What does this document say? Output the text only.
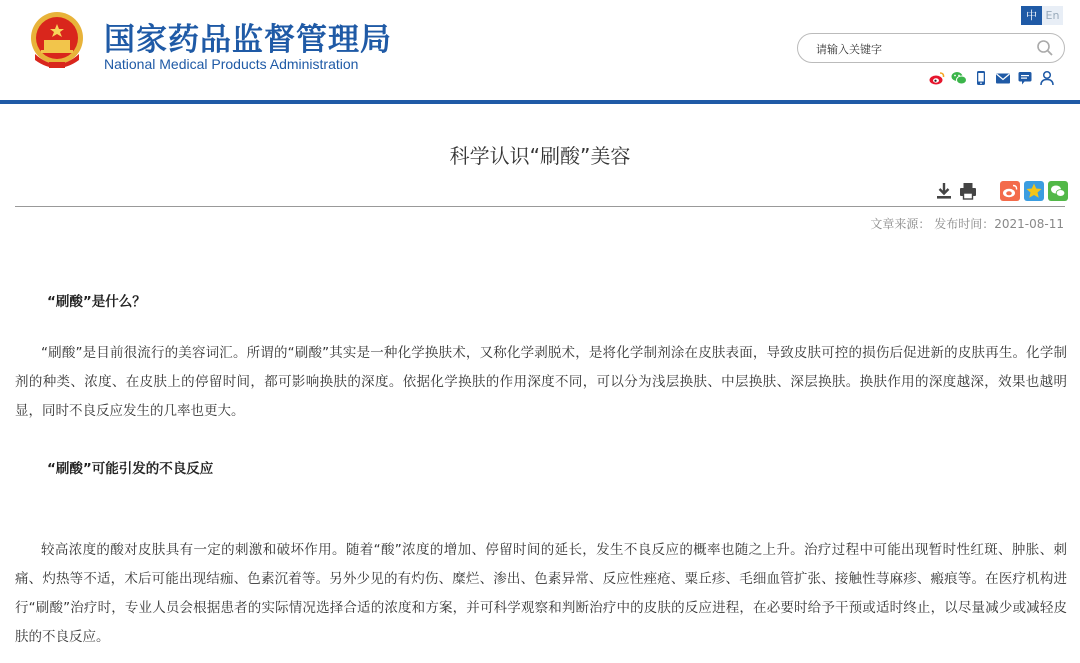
国家药品监督管理局
National Medical Products Administration
中 En
请输入关键字
科学认识“刷酸”美容
文章来源： 发布时间：2021-08-11
“刷酸”是什么？
“刷酸”是目前很流行的美容词汇。所谓的“刷酸”其实是一种化学换肤术，又称化学剥脱术，是将化学制剂涂在皮肤表面，导致皮肤可控的损伤后促进新的皮肤再生。化学制剂的种类、浓度、在皮肤上的停留时间，都可影响换肤的深度。依据化学换肤的作用深度不同，可以分为浅层换肤、中层换肤、深层换肤。换肤作用的深度越深，效果也越明显，同时不良反应发生的几率也更大。
“刷酸”可能引发的不良反应
较高浓度的酸对皮肤具有一定的刺激和破坏作用。随着“酸”浓度的增加、停留时间的延长，发生不良反应的概率也随之上升。治疗过程中可能出现暂时性红斑、肿胀、刺痛、灼热等不适，术后可能出现结痂、色素沉着等。另外少见的有灼伤、糜烂、渗出、色素异常、反应性痤疮、粟丘疹、毛细血管扩张、接触性荨麻疹、瘢痕等。在医疗机构进行“刷酸”治疗时，专业人员会根据患者的实际情况选择合适的浓度和方案，并可科学观察和判断治疗中的皮肤的反应进程，在必要时给予干预或适时终止，以尽量减少或减轻皮肤的不良反应。
